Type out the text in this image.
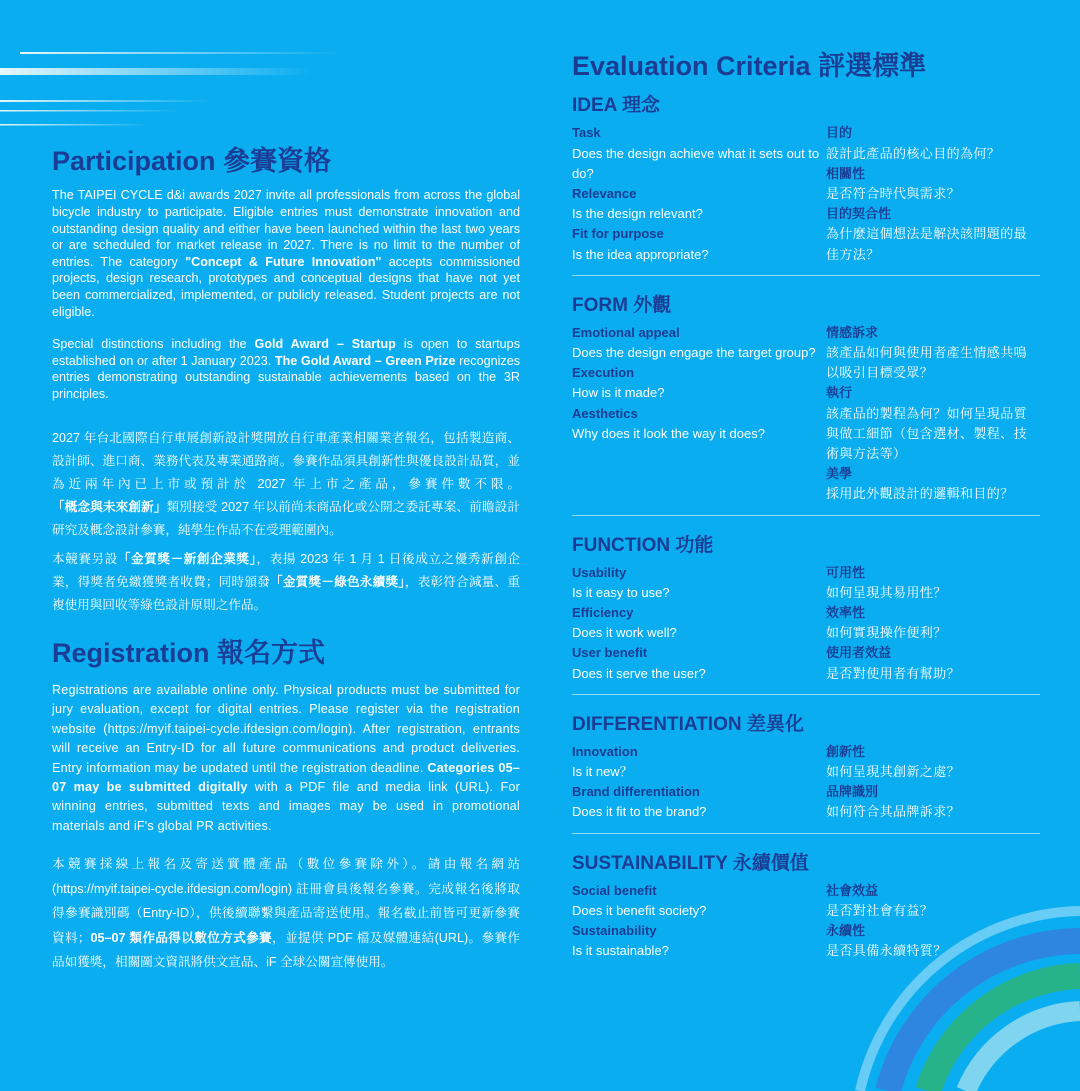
Participation 參賽資格

The TAIPEI CYCLE d&i awards 2027 invite all professionals from across the global bicycle industry to participate. Eligible entries must demonstrate innovation and outstanding design quality and either have been launched within the last two years or are scheduled for market release in 2027. There is no limit to the number of entries. The category "Concept & Future Innovation" accepts commissioned projects, design research, prototypes and conceptual designs that have not yet been commercialized, implemented, or publicly released. Student projects are not eligible.

Special distinctions including the Gold Award – Startup is open to startups established on or after 1 January 2023. The Gold Award – Green Prize recognizes entries demonstrating outstanding sustainable achievements based on the 3R principles.

2027 年台北國際自行車展創新設計獎開放自行車產業相關業者報名，包括製造商、設計師、進口商、業務代表及專業通路商。參賽作品須具創新性與優良設計品質，並為近兩年內已上市或預計於 2027 年上市之產品，參賽件數不限。「概念與未來創新」類別接受 2027 年以前尚未商品化或公開之委託專案、前瞻設計研究及概念設計參賽，純學生作品不在受理範圍內。

本競賽另設「金質獎－新創企業獎」，表揚 2023 年 1 月 1 日後成立之優秀新創企業，得獎者免繳獲獎者收費；同時頒發「金質獎－綠色永續獎」，表彰符合減量、重複使用與回收等綠色設計原則之作品。

Registration 報名方式

Registrations are available online only. Physical products must be submitted for jury evaluation, except for digital entries. Please register via the registration website (https://myif.taipei-cycle.ifdesign.com/login). After registration, entrants will receive an Entry-ID for all future communications and product deliveries. Entry information may be updated until the registration deadline. Categories 05–07 may be submitted digitally with a PDF file and media link (URL). For winning entries, submitted texts and images may be used in promotional materials and iF's global PR activities.

本競賽採線上報名及寄送實體產品（數位參賽除外）。請由報名網站(https://myif.taipei-cycle.ifdesign.com/login) 註冊會員後報名參賽。完成報名後將取得參賽識別碼（Entry-ID），供後續聯繫與產品寄送使用。報名截止前皆可更新參賽資料；05–07 類作品得以數位方式參賽，並提供 PDF 檔及媒體連結(URL)。參賽作品如獲獎，相關圖文資訊將供文宣品、iF 全球公關宣傳使用。

Evaluation Criteria 評選標準
IDEA 理念
Task
Does the design achieve what it sets out to do?
Relevance
Is the design relevant?
Fit for purpose
Is the idea appropriate?
目的
設計此產品的核心目的為何？
相關性
是否符合時代與需求？
目的契合性
為什麼這個想法是解決該問題的最佳方法？
FORM 外觀
Emotional appeal
Does the design engage the target group?
Execution
How is it made?
Aesthetics
Why does it look the way it does?
情感訴求
該產品如何與使用者產生情感共鳴以吸引目標受眾？
執行
該產品的製程為何？如何呈現品質與做工細節（包含選材、製程、技術與方法等）
美學
採用此外觀設計的邏輯和目的？
FUNCTION 功能
Usability
Is it easy to use?
Efficiency
Does it work well?
User benefit
Does it serve the user?
可用性
如何呈現其易用性？
效率性
如何實現操作便利？
使用者效益
是否對使用者有幫助？
DIFFERENTIATION 差異化
Innovation
Is it new？
Brand differentiation
Does it fit to the brand?
創新性
如何呈現其創新之處？
品牌識別
如何符合其品牌訴求？
SUSTAINABILITY 永續價值
Social benefit
Does it benefit society?
Sustainability
Is it sustainable?
社會效益
是否對社會有益？
永續性
是否具備永續特質？
